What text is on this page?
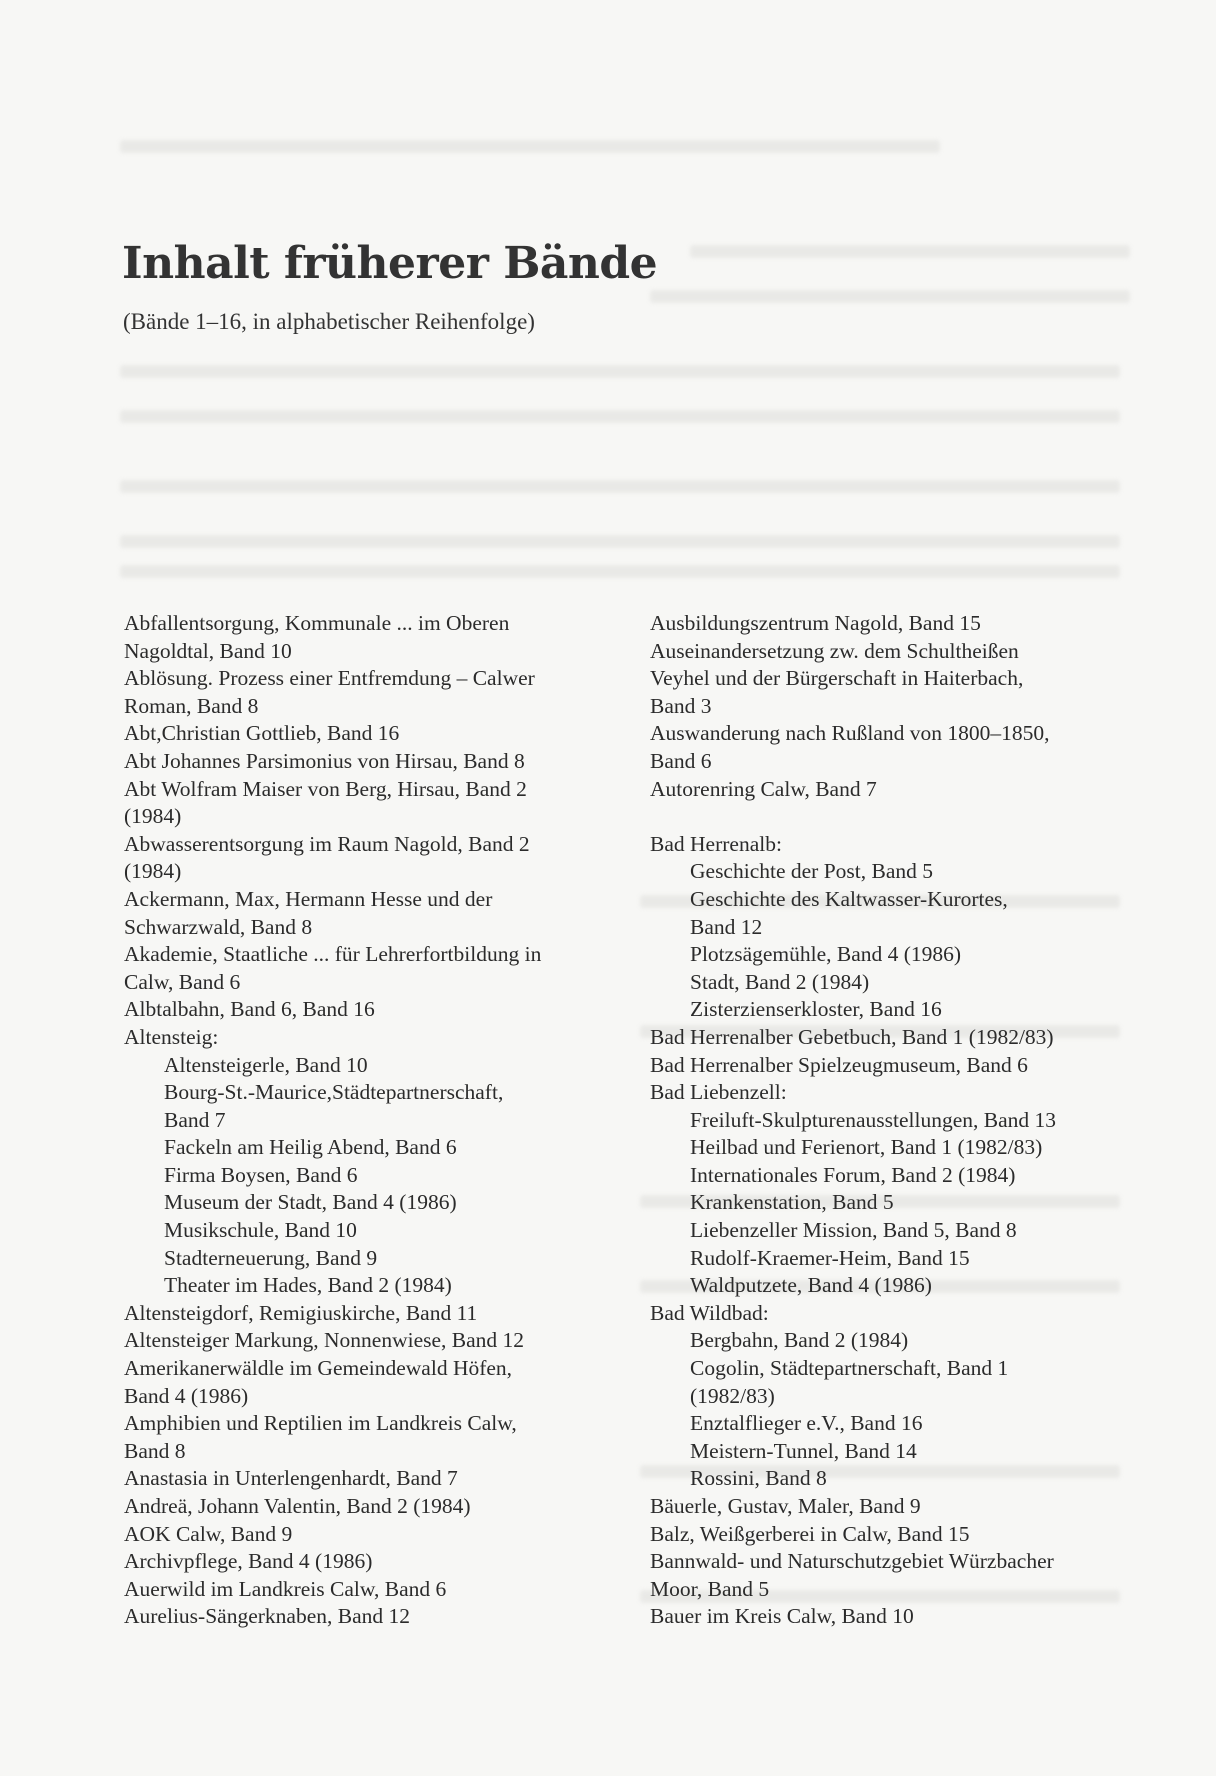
Inhalt früherer Bände

(Bände 1–16, in alphabetischer Reihenfolge)

Abfallentsorgung, Kommunale ... im Oberen
Nagoldtal, Band 10
Ablösung. Prozess einer Entfremdung – Calwer
Roman, Band 8
Abt,Christian Gottlieb, Band 16
Abt Johannes Parsimonius von Hirsau, Band 8
Abt Wolfram Maiser von Berg, Hirsau, Band 2
(1984)
Abwasserentsorgung im Raum Nagold, Band 2
(1984)
Ackermann, Max, Hermann Hesse und der
Schwarzwald, Band 8
Akademie, Staatliche ... für Lehrerfortbildung in
Calw, Band 6
Albtalbahn, Band 6, Band 16
Altensteig:
Altensteigerle, Band 10
Bourg-St.-Maurice,Städtepartnerschaft,
Band 7
Fackeln am Heilig Abend, Band 6
Firma Boysen, Band 6
Museum der Stadt, Band 4 (1986)
Musikschule, Band 10
Stadterneuerung, Band 9
Theater im Hades, Band 2 (1984)
Altensteigdorf, Remigiuskirche, Band 11
Altensteiger Markung, Nonnenwiese, Band 12
Amerikanerwäldle im Gemeindewald Höfen,
Band 4 (1986)
Amphibien und Reptilien im Landkreis Calw,
Band 8
Anastasia in Unterlengenhardt, Band 7
Andreä, Johann Valentin, Band 2 (1984)
AOK Calw, Band 9
Archivpflege, Band 4 (1986)
Auerwild im Landkreis Calw, Band 6
Aurelius-Sängerknaben, Band 12
Ausbildungszentrum Nagold, Band 15
Auseinandersetzung zw. dem Schultheißen
Veyhel und der Bürgerschaft in Haiterbach,
Band 3
Auswanderung nach Rußland von 1800–1850,
Band 6
Autorenring Calw, Band 7
Bad Herrenalb:
Geschichte der Post, Band 5
Geschichte des Kaltwasser-Kurortes,
Band 12
Plotzsägemühle, Band 4 (1986)
Stadt, Band 2 (1984)
Zisterzienserkloster, Band 16
Bad Herrenalber Gebetbuch, Band 1 (1982/83)
Bad Herrenalber Spielzeugmuseum, Band 6
Bad Liebenzell:
Freiluft-Skulpturenausstellungen, Band 13
Heilbad und Ferienort, Band 1 (1982/83)
Internationales Forum, Band 2 (1984)
Krankenstation, Band 5
Liebenzeller Mission, Band 5, Band 8
Rudolf-Kraemer-Heim, Band 15
Waldputzete, Band 4 (1986)
Bad Wildbad:
Bergbahn, Band 2 (1984)
Cogolin, Städtepartnerschaft, Band 1
(1982/83)
Enztalflieger e.V., Band 16
Meistern-Tunnel, Band 14
Rossini, Band 8
Bäuerle, Gustav, Maler, Band 9
Balz, Weißgerberei in Calw, Band 15
Bannwald- und Naturschutzgebiet Würzbacher
Moor, Band 5
Bauer im Kreis Calw, Band 10
